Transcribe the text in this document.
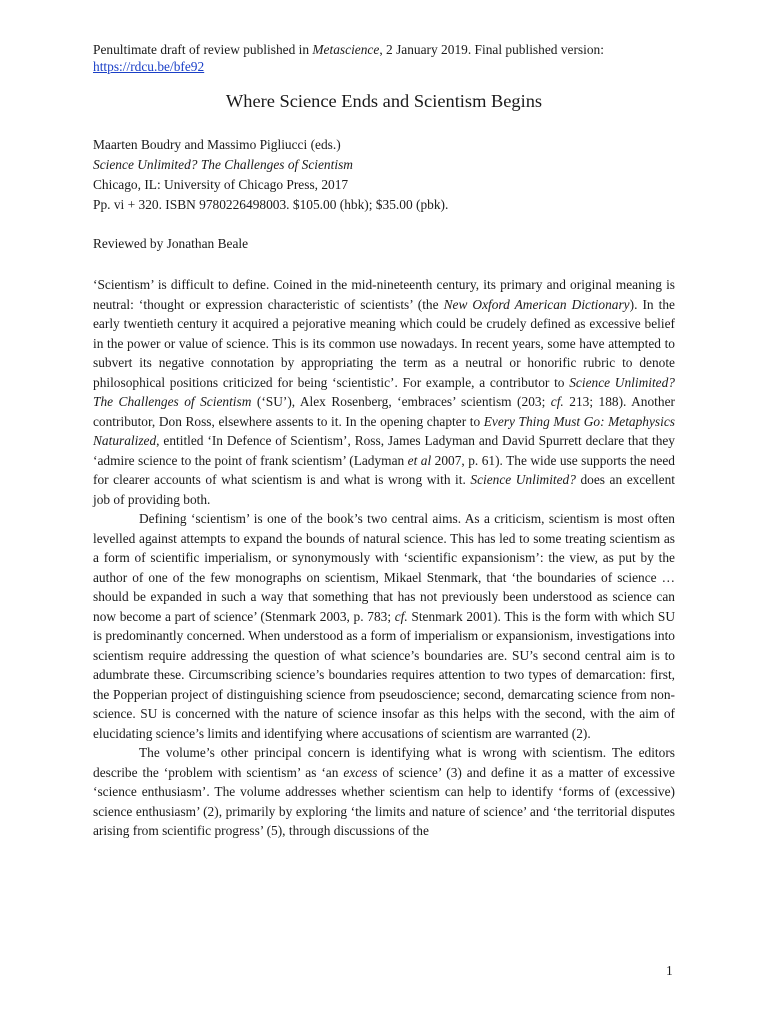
Penultimate draft of review published in Metascience, 2 January 2019. Final published version:
https://rdcu.be/bfe92
Where Science Ends and Scientism Begins
Maarten Boudry and Massimo Pigliucci (eds.)
Science Unlimited? The Challenges of Scientism
Chicago, IL: University of Chicago Press, 2017
Pp. vi + 320. ISBN 9780226498003. $105.00 (hbk); $35.00 (pbk).
Reviewed by Jonathan Beale

‘Scientism’ is difficult to define. Coined in the mid-nineteenth century, its primary and original meaning is neutral: ‘thought or expression characteristic of scientists’ (the New Oxford American Dictionary). In the early twentieth century it acquired a pejorative meaning which could be crudely defined as excessive belief in the power or value of science. This is its common use nowadays. In recent years, some have attempted to subvert its negative connotation by appropriating the term as a neutral or honorific rubric to denote philosophical positions criticized for being ‘scientistic’. For example, a contributor to Science Unlimited? The Challenges of Scientism (‘SU’), Alex Rosenberg, ‘embraces’ scientism (203; cf. 213; 188). Another contributor, Don Ross, elsewhere assents to it. In the opening chapter to Every Thing Must Go: Metaphysics Naturalized, entitled ‘In Defence of Scientism’, Ross, James Ladyman and David Spurrett declare that they ‘admire science to the point of frank scientism’ (Ladyman et al 2007, p. 61). The wide use supports the need for clearer accounts of what scientism is and what is wrong with it. Science Unlimited? does an excellent job of providing both.

Defining ‘scientism’ is one of the book’s two central aims. As a criticism, scientism is most often levelled against attempts to expand the bounds of natural science. This has led to some treating scientism as a form of scientific imperialism, or synonymously with ‘scientific expansionism’: the view, as put by the author of one of the few monographs on scientism, Mikael Stenmark, that ‘the boundaries of science … should be expanded in such a way that something that has not previously been understood as science can now become a part of science’ (Stenmark 2003, p. 783; cf. Stenmark 2001). This is the form with which SU is predominantly concerned. When understood as a form of imperialism or expansionism, investigations into scientism require addressing the question of what science’s boundaries are. SU’s second central aim is to adumbrate these. Circumscribing science’s boundaries requires attention to two types of demarcation: first, the Popperian project of distinguishing science from pseudoscience; second, demarcating science from non-science. SU is concerned with the nature of science insofar as this helps with the second, with the aim of elucidating science’s limits and identifying where accusations of scientism are warranted (2).

The volume’s other principal concern is identifying what is wrong with scientism. The editors describe the ‘problem with scientism’ as ‘an excess of science’ (3) and define it as a matter of excessive ‘science enthusiasm’. The volume addresses whether scientism can help to identify ‘forms of (excessive) science enthusiasm’ (2), primarily by exploring ‘the limits and nature of science’ and ‘the territorial disputes arising from scientific progress’ (5), through discussions of the

1
